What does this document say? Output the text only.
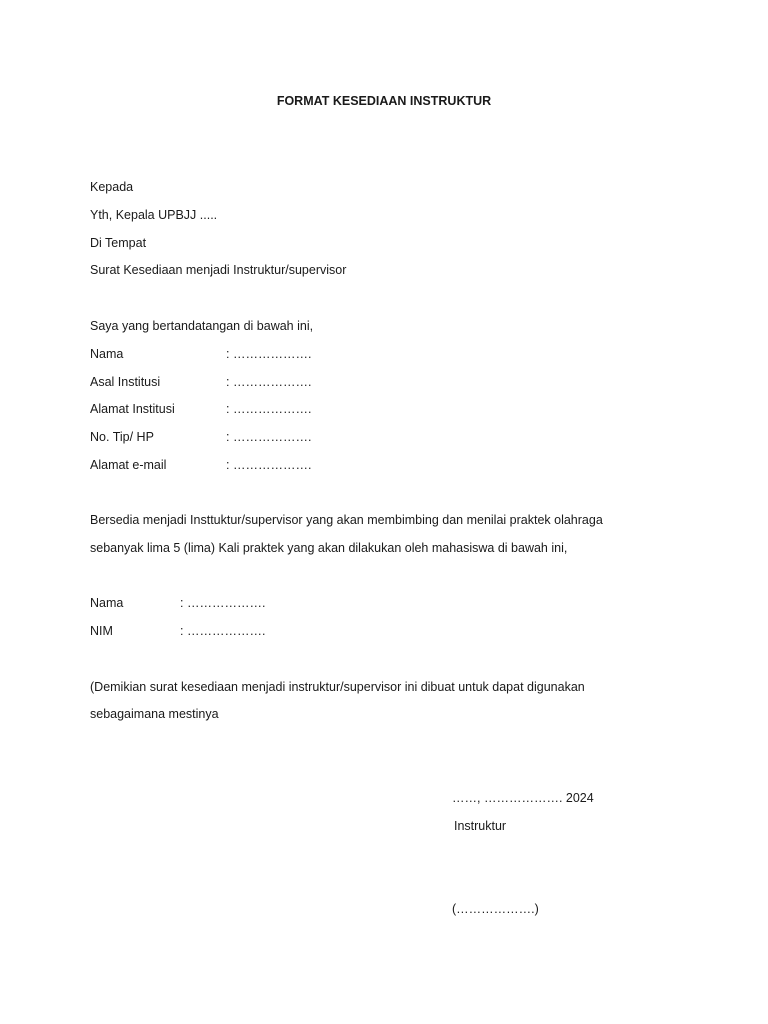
FORMAT KESEDIAAN INSTRUKTUR
Kepada
Yth, Kepala UPBJJ .....
Di Tempat
Surat Kesediaan menjadi Instruktur/supervisor
Saya yang bertandatangan di bawah ini,
Nama	: ……………….
Asal Institusi	: ……………….
Alamat Institusi	: ……………….
No. Tip/ HP	: ……………….
Alamat e-mail	: ……………….
Bersedia menjadi Insttuktur/supervisor yang akan membimbing dan menilai praktek olahraga
sebanyak lima 5 (lima) Kali praktek yang akan dilakukan oleh mahasiswa di bawah ini,
Nama	: ……………….
NIM	: ……………….
(Demikian surat kesediaan menjadi instruktur/supervisor ini dibuat untuk dapat digunakan
sebagaimana mestinya
……, ………………. 2024
Instruktur
(……………….)
